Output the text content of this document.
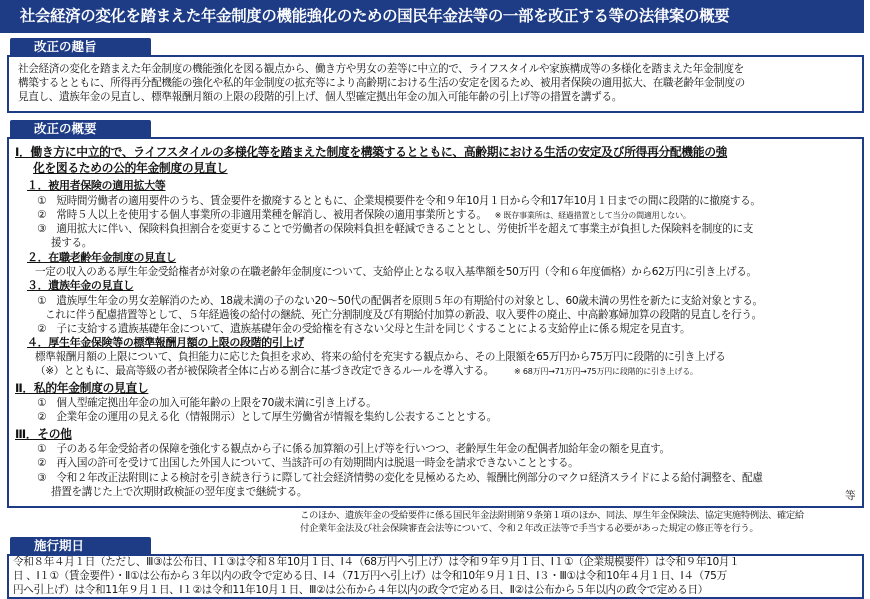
社会経済の変化を踏まえた年金制度の機能強化のための国民年金法等の一部を改正する等の法律案の概要
改正の趣旨
社会経済の変化を踏まえた年金制度の機能強化を図る観点から、働き方や男女の差等に中立的で、ライフスタイルや家族構成等の多様化を踏まえた年金制度を
構築するとともに、所得再分配機能の強化や私的年金制度の拡充等により高齢期における生活の安定を図るため、被用者保険の適用拡大、在職老齢年金制度の
見直し、遺族年金の見直し、標準報酬月額の上限の段階的引上げ、個人型確定拠出年金の加入可能年齢の引上げ等の措置を講ずる。
改正の概要
Ⅰ．働き方に中立的で、ライフスタイルの多様化等を踏まえた制度を構築するとともに、高齢期における生活の安定及び所得再分配機能の強
化を図るための公的年金制度の見直し
１．被用者保険の適用拡大等
①　短時間労働者の適用要件のうち、賃金要件を撤廃するとともに、企業規模要件を令和９年10月１日から令和17年10月１日までの間に段階的に撤廃する。
②　常時５人以上を使用する個人事業所の非適用業種を解消し、被用者保険の適用事業所とする。 ※ 既存事業所は、経過措置として当分の間適用しない。
③　適用拡大に伴い、保険料負担割合を変更することで労働者の保険料負担を軽減できることとし、労使折半を超えて事業主が負担した保険料を制度的に支
援する。
２．在職老齢年金制度の見直し
一定の収入のある厚生年金受給権者が対象の在職老齢年金制度について、支給停止となる収入基準額を50万円（令和６年度価格）から62万円に引き上げる。
３．遺族年金の見直し
①　遺族厚生年金の男女差解消のため、18歳未満の子のない20～50代の配偶者を原則５年の有期給付の対象とし、60歳未満の男性を新たに支給対象とする。
これに伴う配慮措置等として、５年経過後の給付の継続、死亡分割制度及び有期給付加算の新設、収入要件の廃止、中高齢寡婦加算の段階的見直しを行う。
②　子に支給する遺族基礎年金について、遺族基礎年金の受給権を有さない父母と生計を同じくすることによる支給停止に係る規定を見直す。
４．厚生年金保険等の標準報酬月額の上限の段階的引上げ
標準報酬月額の上限について、負担能力に応じた負担を求め、将来の給付を充実する観点から、その上限額を65万円から75万円に段階的に引き上げる
（※）とともに、最高等級の者が被保険者全体に占める割合に基づき改定できるルールを導入する。	※ 68万円→71万円→75万円に段階的に引き上げる。
Ⅱ．私的年金制度の見直し
①　個人型確定拠出年金の加入可能年齢の上限を70歳未満に引き上げる。
②　企業年金の運用の見える化（情報開示）として厚生労働省が情報を集約し公表することとする。
Ⅲ．その他
①　子のある年金受給者の保障を強化する観点から子に係る加算額の引上げ等を行いつつ、老齢厚生年金の配偶者加給年金の額を見直す。
②　再入国の許可を受けて出国した外国人について、当該許可の有効期間内は脱退一時金を請求できないこととする。
③　令和２年改正法附則による検討を引き続き行うに際して社会経済情勢の変化を見極めるため、報酬比例部分のマクロ経済スライドによる給付調整を、配慮
措置を講じた上で次期財政検証の翌年度まで継続する。	等
このほか、遺族年金の受給要件に係る国民年金法附則第９条第１項のほか、同法、厚生年金保険法、協定実施特例法、確定給
付企業年金法及び社会保険審査会法等について、令和２年改正法等で手当する必要があった規定の修正等を行う。
施行期日
令和８年４月１日（ただし、Ⅲ③は公布日、Ⅰ１③は令和８年10月１日、Ⅰ４（68万円へ引上げ）は令和９年９月１日、Ⅰ１①（企業規模要件）は令和９年10月１
日 、Ⅰ１①（賃金要件）・Ⅱ①は公布から３年以内の政令で定める日、Ⅰ４（71万円へ引上げ）は令和10年９月１日、Ⅰ３・Ⅲ①は令和10年４月１日、Ⅰ４（75万
円へ引上げ）は令和11年９月１日、Ⅰ１②は令和11年10月１日、Ⅲ②は公布から４年以内の政令で定める日、Ⅱ②は公布から５年以内の政令で定める日）
